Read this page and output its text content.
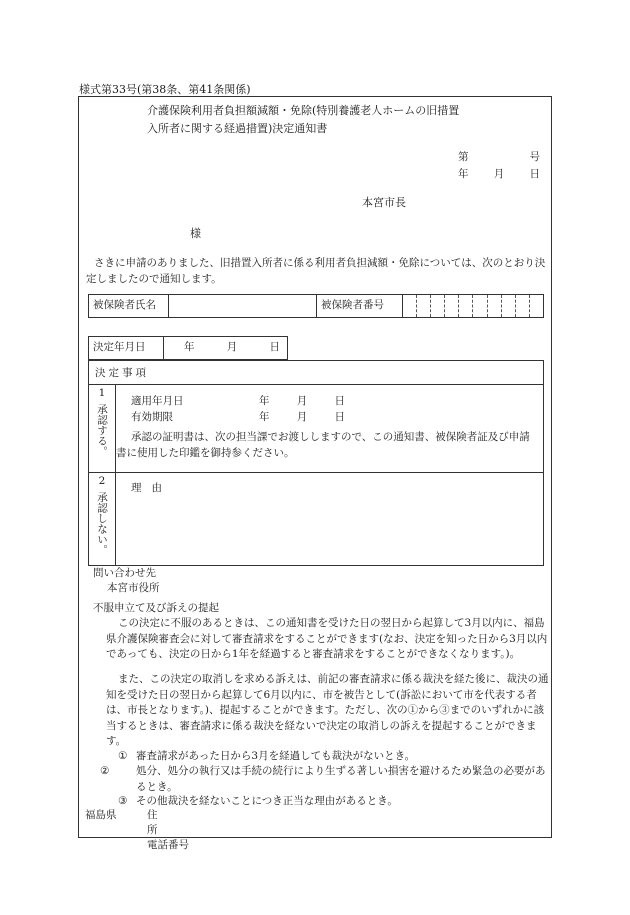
様式第33号(第38条、第41条関係)
介護保険利用者負担額減額・免除(特別養護老人ホームの旧措置
入所者に関する経過措置)決定通知書
第	号
年 月 日
本宮市長
様
さきに申請のありました、旧措置入所者に係る利用者負担減額・免除については、次のとおり決定しましたので通知します。
被保険者氏名		被保険者番号	
決定年月日	年	月	日
決定事項
1
承認する。
適用年月日	年	月	日
有効期限	年	月	日
承認の証明書は、次の担当課でお渡ししますので、この通知書、被保険者証及び申請書に使用した印鑑を御持参ください。
2
承認しない。
理由
問い合わせ先
本宮市役所
不服申立て及び訴えの提起
この決定に不服のあるときは、この通知書を受けた日の翌日から起算して3月以内に、福島県介護保険審査会に対して審査請求をすることができます(なお、決定を知った日から3月以内であっても、決定の日から1年を経過すると審査請求をすることができなくなります。)。
また、この決定の取消しを求める訴えは、前記の審査請求に係る裁決を経た後に、裁決の通知を受けた日の翌日から起算して6月以内に、市を被告として(訴訟において市を代表する者は、市長となります。)、提起することができます。ただし、次の①から③までのいずれかに該当するときは、審査請求に係る裁決を経ないで決定の取消しの訴えを提起することができます。
① 審査請求があった日から3月を経過しても裁決がないとき。
②	処分、処分の執行又は手続の続行により生ずる著しい損害を避けるため緊急の必要があるとき。
③ その他裁決を経ないことにつき正当な理由があるとき。
福島県	住所
電話番号
